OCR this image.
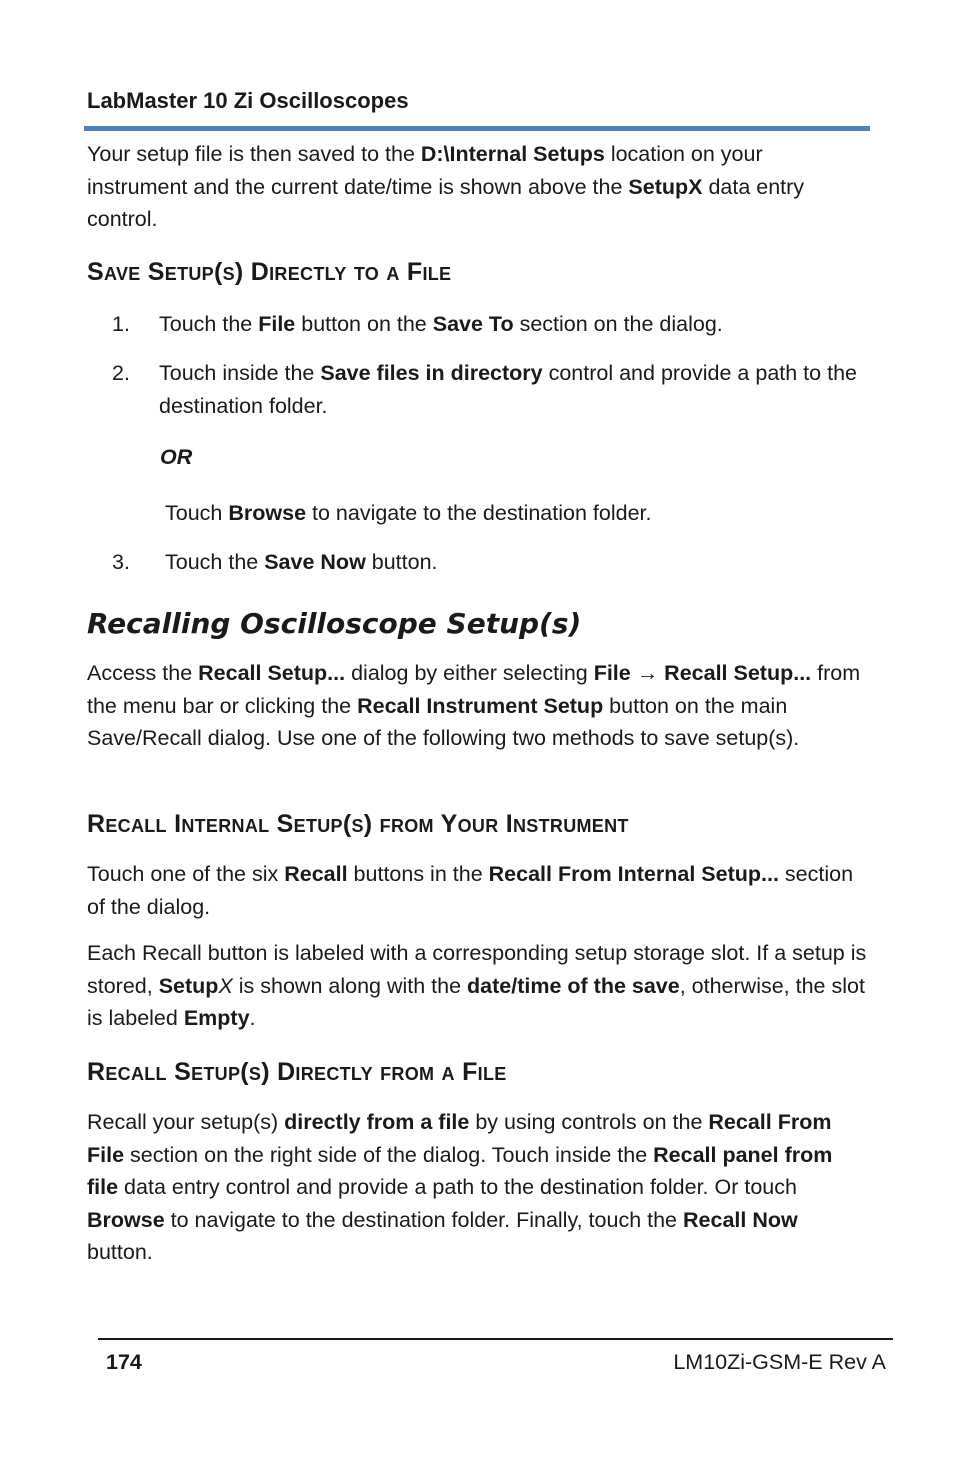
LabMaster 10 Zi Oscilloscopes

Your setup file is then saved to the D:\Internal Setups location on your instrument and the current date/time is shown above the SetupX data entry control.

Save Setup(s) Directly to a File
1. Touch the File button on the Save To section on the dialog.
2. Touch inside the Save files in directory control and provide a path to the destination folder.
OR
Touch Browse to navigate to the destination folder.
3. Touch the Save Now button.
Recalling Oscilloscope Setup(s)

Access the Recall Setup... dialog by either selecting File → Recall Setup... from the menu bar or clicking the Recall Instrument Setup button on the main Save/Recall dialog. Use one of the following two methods to save setup(s).

Recall Internal Setup(s) from Your Instrument

Touch one of the six Recall buttons in the Recall From Internal Setup... section of the dialog.

Each Recall button is labeled with a corresponding setup storage slot. If a setup is stored, SetupX is shown along with the date/time of the save, otherwise, the slot is labeled Empty.

Recall Setup(s) Directly from a File

Recall your setup(s) directly from a file by using controls on the Recall From File section on the right side of the dialog. Touch inside the Recall panel from file data entry control and provide a path to the destination folder. Or touch Browse to navigate to the destination folder. Finally, touch the Recall Now button.

174	LM10Zi-GSM-E Rev A
